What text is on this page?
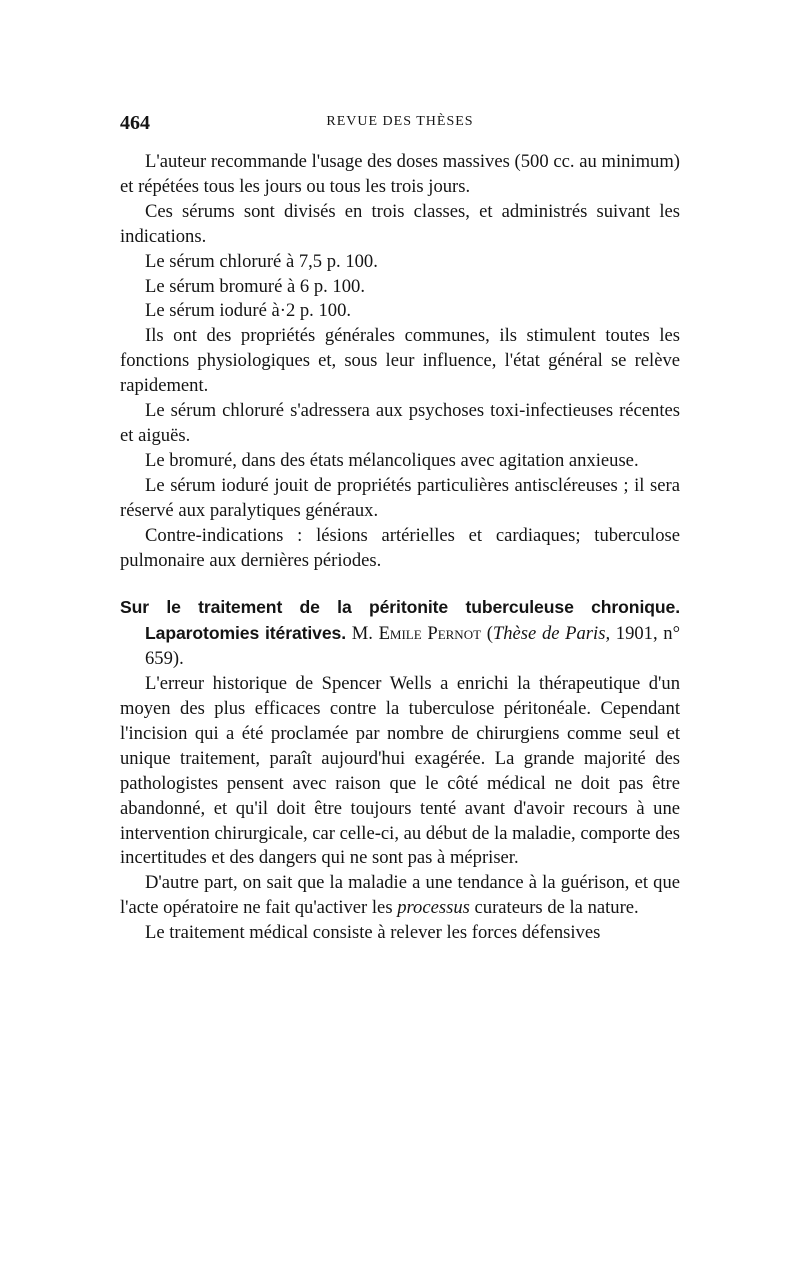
464	REVUE DES THÈSES

L'auteur recommande l'usage des doses massives (500 cc. au minimum) et répétées tous les jours ou tous les trois jours.

Ces sérums sont divisés en trois classes, et administrés suivant les indications.

Le sérum chloruré à 7,5 p. 100.

Le sérum bromuré à 6 p. 100.

Le sérum ioduré à·2 p. 100.

Ils ont des propriétés générales communes, ils stimulent toutes les fonctions physiologiques et, sous leur influence, l'état général se relève rapidement.

Le sérum chloruré s'adressera aux psychoses toxi-infectieuses récentes et aiguës.

Le bromuré, dans des états mélancoliques avec agitation anxieuse.

Le sérum ioduré jouit de propriétés particulières antiscléreuses ; il sera réservé aux paralytiques généraux.

Contre-indications : lésions artérielles et cardiaques; tuberculose pulmonaire aux dernières périodes.

Sur le traitement de la péritonite tuberculeuse chronique. Laparotomies itératives. M. Emile Pernot (Thèse de Paris, 1901, n° 659).

L'erreur historique de Spencer Wells a enrichi la thérapeutique d'un moyen des plus efficaces contre la tuberculose péritonéale. Cependant l'incision qui a été proclamée par nombre de chirurgiens comme seul et unique traitement, paraît aujourd'hui exagérée. La grande majorité des pathologistes pensent avec raison que le côté médical ne doit pas être abandonné, et qu'il doit être toujours tenté avant d'avoir recours à une intervention chirurgicale, car celle-ci, au début de la maladie, comporte des incertitudes et des dangers qui ne sont pas à mépriser.

D'autre part, on sait que la maladie a une tendance à la guérison, et que l'acte opératoire ne fait qu'activer les processus curateurs de la nature.

Le traitement médical consiste à relever les forces défensives
